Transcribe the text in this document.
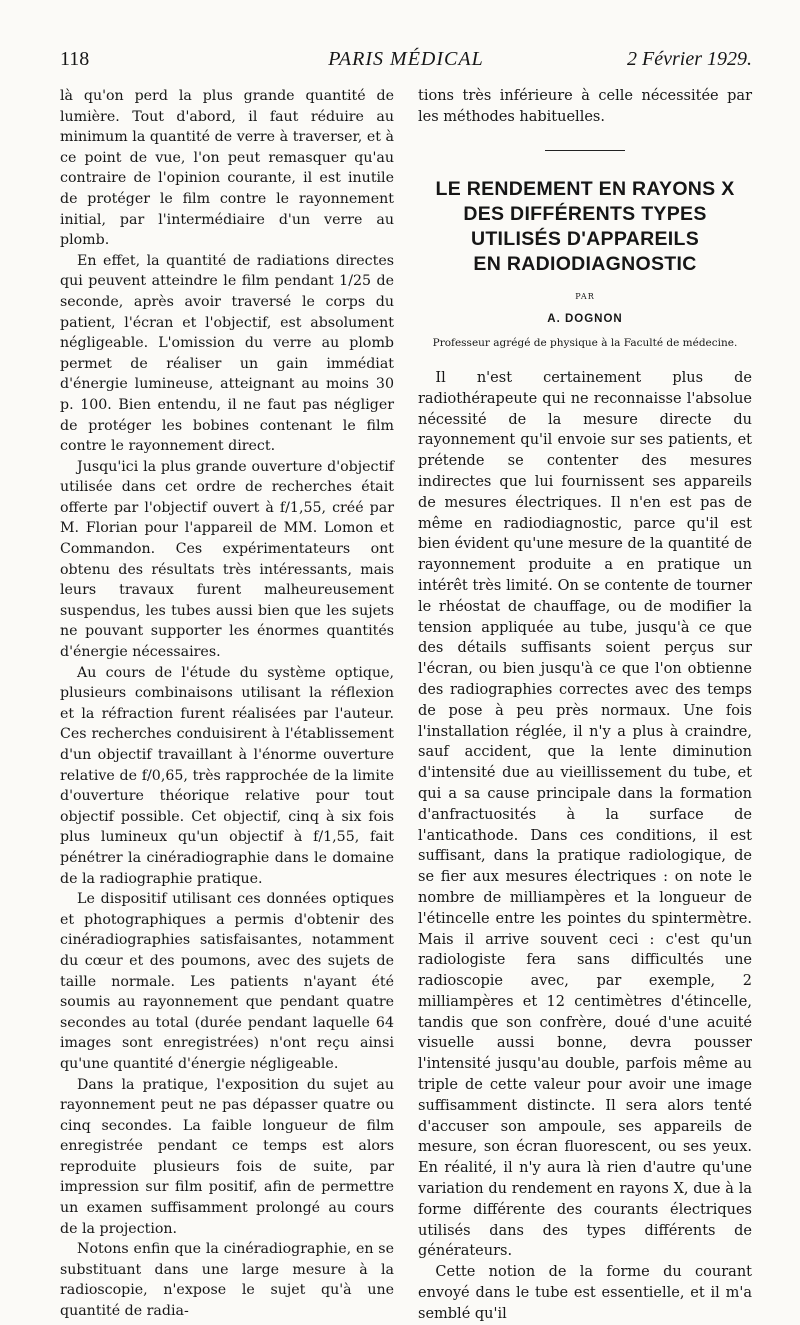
118	PARIS MÉDICAL	2 Février 1929.

là qu'on perd la plus grande quantité de lumière. Tout d'abord, il faut réduire au minimum la quantité de verre à traverser, et à ce point de vue, l'on peut remasquer qu'au contraire de l'opinion courante, il est inutile de protéger le film contre le rayonnement initial, par l'intermédiaire d'un verre au plomb.

En effet, la quantité de radiations directes qui peuvent atteindre le film pendant 1/25 de seconde, après avoir traversé le corps du patient, l'écran et l'objectif, est absolument négligeable. L'omission du verre au plomb permet de réaliser un gain immédiat d'énergie lumineuse, atteignant au moins 30 p. 100. Bien entendu, il ne faut pas négliger de protéger les bobines contenant le film contre le rayonnement direct.

Jusqu'ici la plus grande ouverture d'objectif utilisée dans cet ordre de recherches était offerte par l'objectif ouvert à f/1,55, créé par M. Florian pour l'appareil de MM. Lomon et Commandon. Ces expérimentateurs ont obtenu des résultats très intéressants, mais leurs travaux furent malheureusement suspendus, les tubes aussi bien que les sujets ne pouvant supporter les énormes quantités d'énergie nécessaires.

Au cours de l'étude du système optique, plusieurs combinaisons utilisant la réflexion et la réfraction furent réalisées par l'auteur. Ces recherches conduisirent à l'établissement d'un objectif travaillant à l'énorme ouverture relative de f/0,65, très rapprochée de la limite d'ouverture théorique relative pour tout objectif possible. Cet objectif, cinq à six fois plus lumineux qu'un objectif à f/1,55, fait pénétrer la cinéradiographie dans le domaine de la radiographie pratique.

Le dispositif utilisant ces données optiques et photographiques a permis d'obtenir des cinéradiographies satisfaisantes, notamment du cœur et des poumons, avec des sujets de taille normale. Les patients n'ayant été soumis au rayonnement que pendant quatre secondes au total (durée pendant laquelle 64 images sont enregistrées) n'ont reçu ainsi qu'une quantité d'énergie négligeable.

Dans la pratique, l'exposition du sujet au rayonnement peut ne pas dépasser quatre ou cinq secondes. La faible longueur de film enregistrée pendant ce temps est alors reproduite plusieurs fois de suite, par impression sur film positif, afin de permettre un examen suffisamment prolongé au cours de la projection.

Notons enfin que la cinéradiographie, en se substituant dans une large mesure à la radioscopie, n'expose le sujet qu'à une quantité de radia-

tions très inférieure à celle nécessitée par les méthodes habituelles.

LE RENDEMENT EN RAYONS X
DES DIFFÉRENTS TYPES
UTILISÉS D'APPAREILS
EN RADIODIAGNOSTIC
PAR
A. DOGNON
Professeur agrégé de physique à la Faculté de médecine.

Il n'est certainement plus de radiothérapeute qui ne reconnaisse l'absolue nécessité de la mesure directe du rayonnement qu'il envoie sur ses patients, et prétende se contenter des mesures indirectes que lui fournissent ses appareils de mesures électriques. Il n'en est pas de même en radiodiagnostic, parce qu'il est bien évident qu'une mesure de la quantité de rayonnement produite a en pratique un intérêt très limité. On se contente de tourner le rhéostat de chauffage, ou de modifier la tension appliquée au tube, jusqu'à ce que des détails suffisants soient perçus sur l'écran, ou bien jusqu'à ce que l'on obtienne des radiographies correctes avec des temps de pose à peu près normaux. Une fois l'installation réglée, il n'y a plus à craindre, sauf accident, que la lente diminution d'intensité due au vieillissement du tube, et qui a sa cause principale dans la formation d'anfractuosités à la surface de l'anticathode. Dans ces conditions, il est suffisant, dans la pratique radiologique, de se fier aux mesures électriques : on note le nombre de milliampères et la longueur de l'étincelle entre les pointes du spintermètre. Mais il arrive souvent ceci : c'est qu'un radiologiste fera sans difficultés une radioscopie avec, par exemple, 2 milliampères et 12 centimètres d'étincelle, tandis que son confrère, doué d'une acuité visuelle aussi bonne, devra pousser l'intensité jusqu'au double, parfois même au triple de cette valeur pour avoir une image suffisamment distincte. Il sera alors tenté d'accuser son ampoule, ses appareils de mesure, son écran fluorescent, ou ses yeux. En réalité, il n'y aura là rien d'autre qu'une variation du rendement en rayons X, due à la forme différente des courants électriques utilisés dans des types différents de générateurs.

Cette notion de la forme du courant envoyé dans le tube est essentielle, et il m'a semblé qu'il
